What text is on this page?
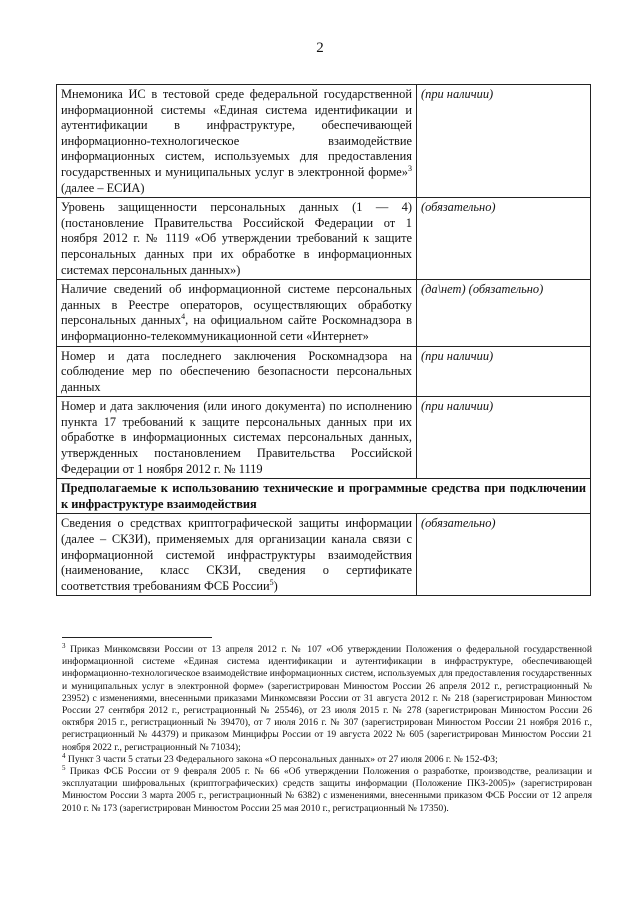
2
Мнемоника ИС в тестовой среде федеральной государственной информационной системы «Единая система идентификации и аутентификации в инфраструктуре, обеспечивающей информационно-технологическое взаимодействие информационных систем, используемых для предоставления государственных и муниципальных услуг в электронной форме»$^3$ (далее – ЕСИА)	(при наличии)
Уровень защищенности персональных данных (1 — 4) (постановление Правительства Российской Федерации от 1 ноября 2012 г. № 1119 «Об утверждении требований к защите персональных данных при их обработке в информационных системах персональных данных»)	(обязательно)
Наличие сведений об информационной системе персональных данных в Реестре операторов, осуществляющих обработку персональных данных$^4$, на официальном сайте Роскомнадзора в информационно-телекоммуникационной сети «Интернет»	(да\нет) (обязательно)
Номер и дата последнего заключения Роскомнадзора на соблюдение мер по обеспечению безопасности персональных данных	(при наличии)
Номер и дата заключения (или иного документа) по исполнению пункта 17 требований к защите персональных данных при их обработке в информационных системах персональных данных, утвержденных постановлением Правительства Российской Федерации от 1 ноября 2012 г. № 1119	(при наличии)
Предполагаемые к использованию технические и программные средства при подключении к инфраструктуре взаимодействия	
Сведения о средствах криптографической защиты информации (далее – СКЗИ), применяемых для организации канала связи с информационной системой инфраструктуры взаимодействия (наименование, класс СКЗИ, сведения о сертификате соответствия требованиям ФСБ России$^5$)	(обязательно)

$^3$ Приказ Минкомсвязи России от 13 апреля 2012 г. № 107 «Об утверждении Положения о федеральной государственной информационной системе «Единая система идентификации и аутентификации в инфраструктуре, обеспечивающей информационно-технологическое взаимодействие информационных систем, используемых для предоставления государственных и муниципальных услуг в электронной форме» (зарегистрирован Минюстом России 26 апреля 2012 г., регистрационный № 23952) с изменениями, внесенными приказами Минкомсвязи России от 31 августа 2012 г. № 218 (зарегистрирован Минюстом России 27 сентября 2012 г., регистрационный № 25546), от 23 июля 2015 г. № 278 (зарегистрирован Минюстом России 26 октября 2015 г., регистрационный № 39470), от 7 июля 2016 г. № 307 (зарегистрирован Минюстом России 21 ноября 2016 г., регистрационный № 44379) и приказом Минцифры России от 19 августа 2022 № 605 (зарегистрирован Минюстом России 21 ноября 2022 г., регистрационный № 71034);

$^4$ Пункт 3 части 5 статьи 23 Федерального закона «О персональных данных» от 27 июля 2006 г. № 152-ФЗ;

$^5$ Приказ ФСБ России от 9 февраля 2005 г. № 66 «Об утверждении Положения о разработке, производстве, реализации и эксплуатации шифровальных (криптографических) средств защиты информации (Положение ПКЗ-2005)» (зарегистрирован Минюстом России 3 марта 2005 г., регистрационный № 6382) с изменениями, внесенными приказом ФСБ России от 12 апреля 2010 г. № 173 (зарегистрирован Минюстом России 25 мая 2010 г., регистрационный № 17350).
